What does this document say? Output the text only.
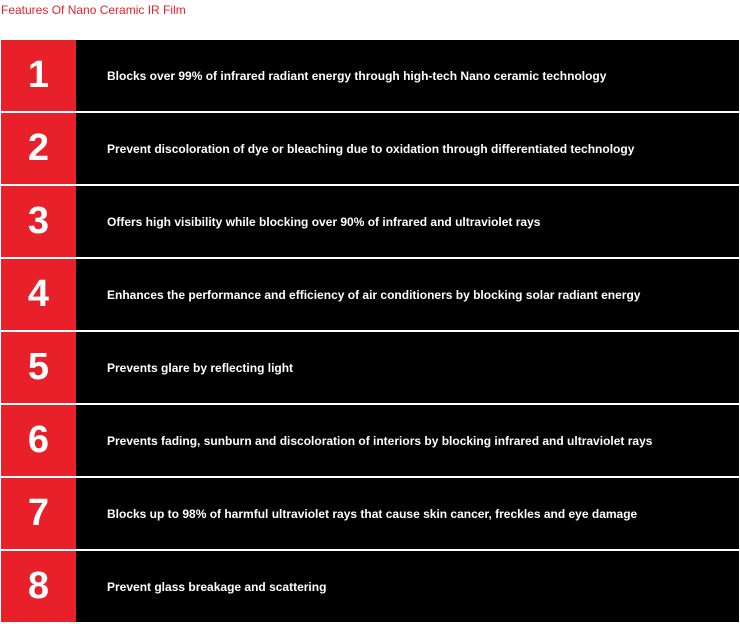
Features Of Nano Ceramic IR Film
1	Blocks over 99% of infrared radiant energy through high-tech Nano ceramic technology
2	Prevent discoloration of dye or bleaching due to oxidation through differentiated technology
3	Offers high visibility while blocking over 90% of infrared and ultraviolet rays
4	Enhances the performance and efficiency of air conditioners by blocking solar radiant energy
5	Prevents glare by reflecting light
6	Prevents fading, sunburn and discoloration of interiors by blocking infrared and ultraviolet rays
7	Blocks up to 98% of harmful ultraviolet rays that cause skin cancer, freckles and eye damage
8	Prevent glass breakage and scattering
